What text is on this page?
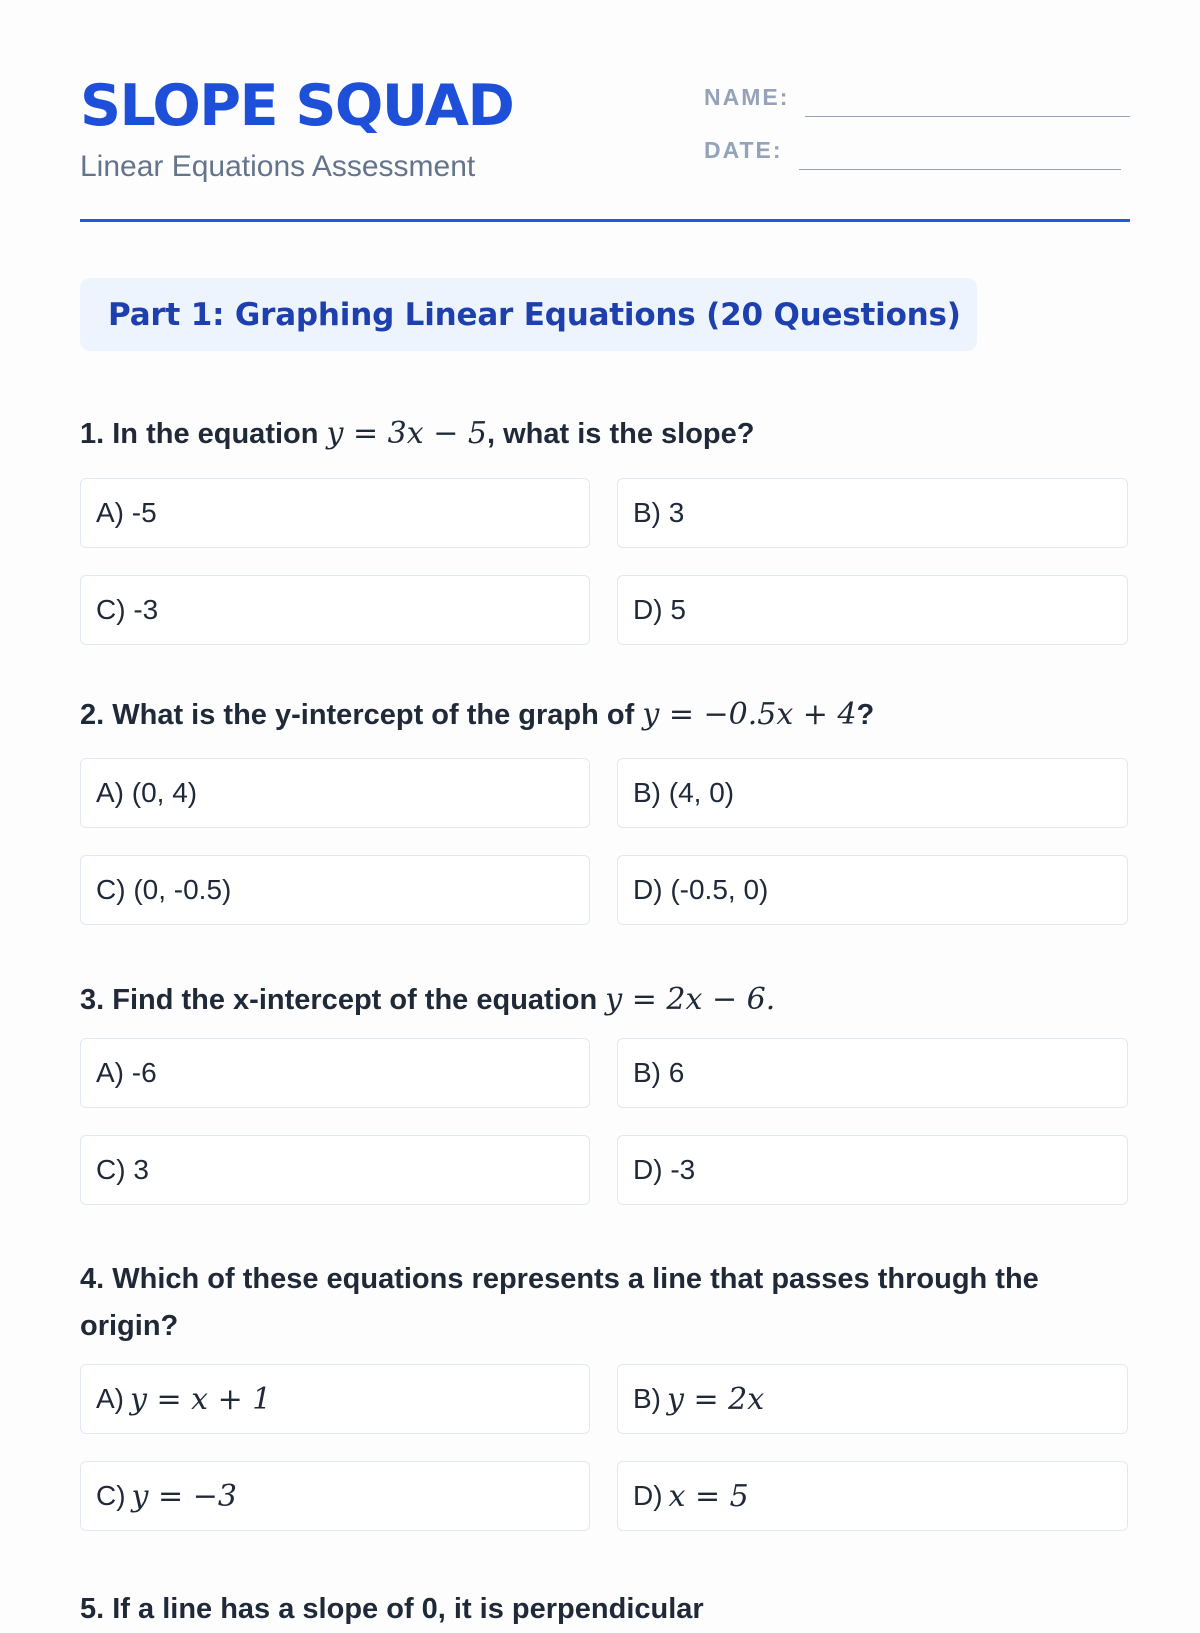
SLOPE SQUAD
Linear Equations Assessment
NAME:
DATE:
Part 1: Graphing Linear Equations (20 Questions)

1. In the equation y = 3x − 5, what is the slope?

A) -5	B) 3
C) -3	D) 5

2. What is the y-intercept of the graph of y = −0.5x + 4?

A) (0, 4)	B) (4, 0)
C) (0, -0.5)	D) (-0.5, 0)

3. Find the x-intercept of the equation y = 2x − 6.

A) -6	B) 6
C) 3	D) -3

4. Which of these equations represents a line that passes through the origin?

A) y = x + 1	B) y = 2x
C) y = −3	D) x = 5
5. If a line has a slope of 0, it is perpendicular
